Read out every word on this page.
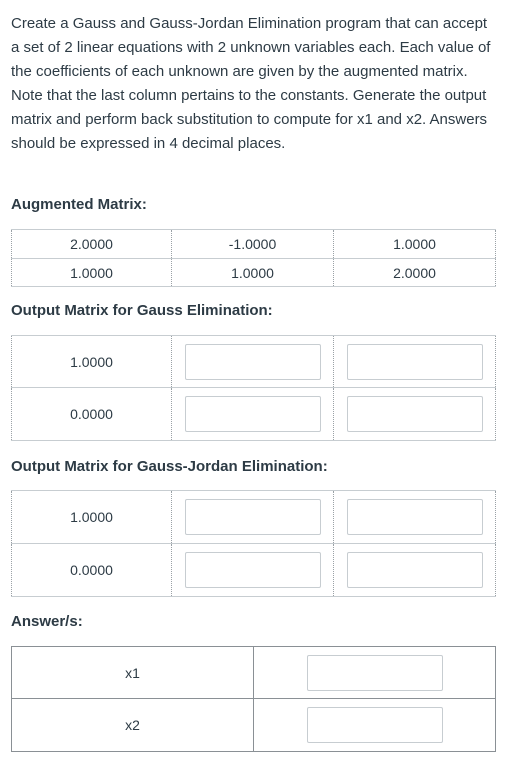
Create a Gauss and Gauss-Jordan Elimination program that can accept a set of 2 linear equations with 2 unknown variables each. Each value of the coefficients of each unknown are given by the augmented matrix. Note that the last column pertains to the constants. Generate the output matrix and perform back substitution to compute for x1 and x2. Answers should be expressed in 4 decimal places.

Augmented Matrix:
2.0000	-1.0000	1.0000
1.0000	1.0000	2.0000
Output Matrix for Gauss Elimination:
1.0000		
0.0000		
Output Matrix for Gauss-Jordan Elimination:
1.0000		
0.0000		
Answer/s:
x1	
x2	
